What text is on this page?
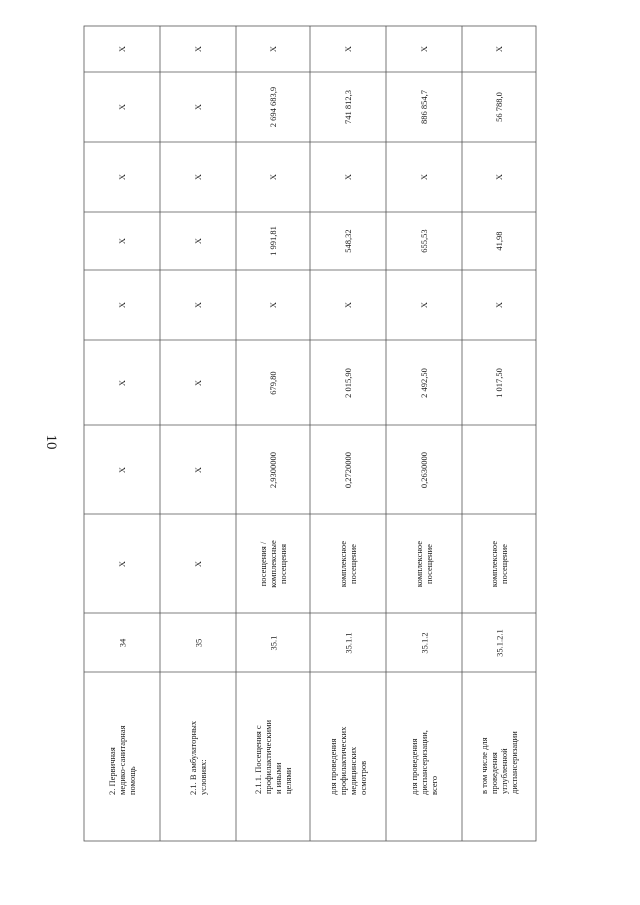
10
X
X
X
X
X
X
X
X
34
2. Первичная медико-санитарная
помощь
X
X
X
X
X
X
X
X
35
2.1. В амбулаторных условиях:
X
2 694 683,9
X
1 991,81
X
679,80
2,9300000
посещения /
комплексные
посещения
35.1
2.1.1. Посещения с
профилактическими и иными
целями
X
741 812,3
X
548,32
X
2 015,90
0,2720000
комплексное
посещение
35.1.1
для проведения профилактических
медицинских осмотров
X
886 854,7
X
655,53
X
2 492,50
0,2630000
комплексное
посещение
35.1.2
для проведения диспансеризации,
всего
X
56 788,0
X
41,98
X
1 017,50
комплексное
посещение
35.1.2.1
в том числе для проведения
углубленной диспансеризации
